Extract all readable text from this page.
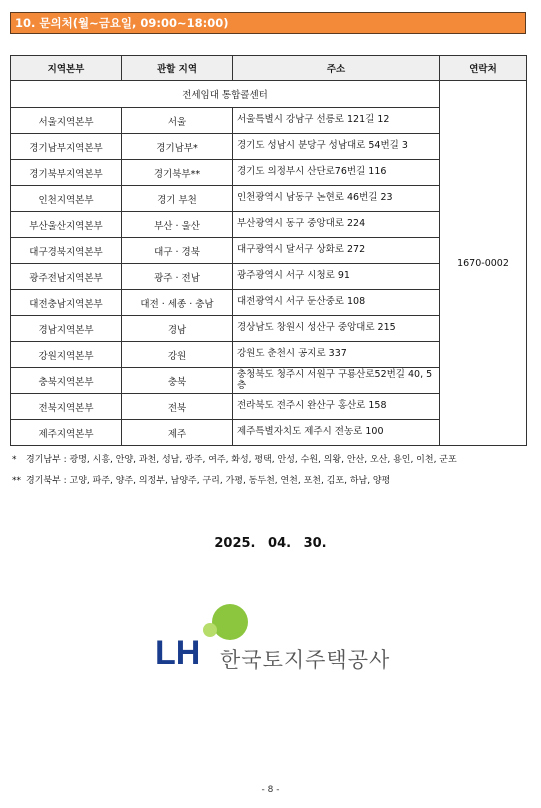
10. 문의처(월~금요일, 09:00~18:00)
지역본부	관할 지역	주소	연락처
전세임대 통합콜센터			1670-0002
서울지역본부	서울	서울특별시 강남구 선릉로 121길 12	
경기남부지역본부	경기남부*	경기도 성남시 분당구 성남대로 54번길 3	
경기북부지역본부	경기북부**	경기도 의정부시 산단로76번길 116	
인천지역본부	경기 부천	인천광역시 남동구 논현로 46번길 23	
부산울산지역본부	부산 · 울산	부산광역시 동구 중앙대로 224	
대구경북지역본부	대구 · 경북	대구광역시 달서구 상화로 272	
광주전남지역본부	광주 · 전남	광주광역시 서구 시청로 91	
대전충남지역본부	대전 · 세종 · 충남	대전광역시 서구 둔산중로 108	
경남지역본부	경남	경상남도 창원시 성산구 중앙대로 215	
강원지역본부	강원	강원도 춘천시 공지로 337	
충북지역본부	충북	충청북도 청주시 서원구 구룡산로52번길 40, 5층	
전북지역본부	전북	전라북도 전주시 완산구 홍산로 158	
제주지역본부	제주	제주특별자치도 제주시 전농로 100	
* 경기남부 : 광명, 시흥, 안양, 과천, 성남, 광주, 여주, 화성, 평택, 안성, 수원, 의왕, 안산, 오산, 용인, 이천, 군포
** 경기북부 : 고양, 파주, 양주, 의정부, 남양주, 구리, 가평, 동두천, 연천, 포천, 김포, 하남, 양평
2025. 04. 30.
LH 한국토지주택공사
- 8 -
